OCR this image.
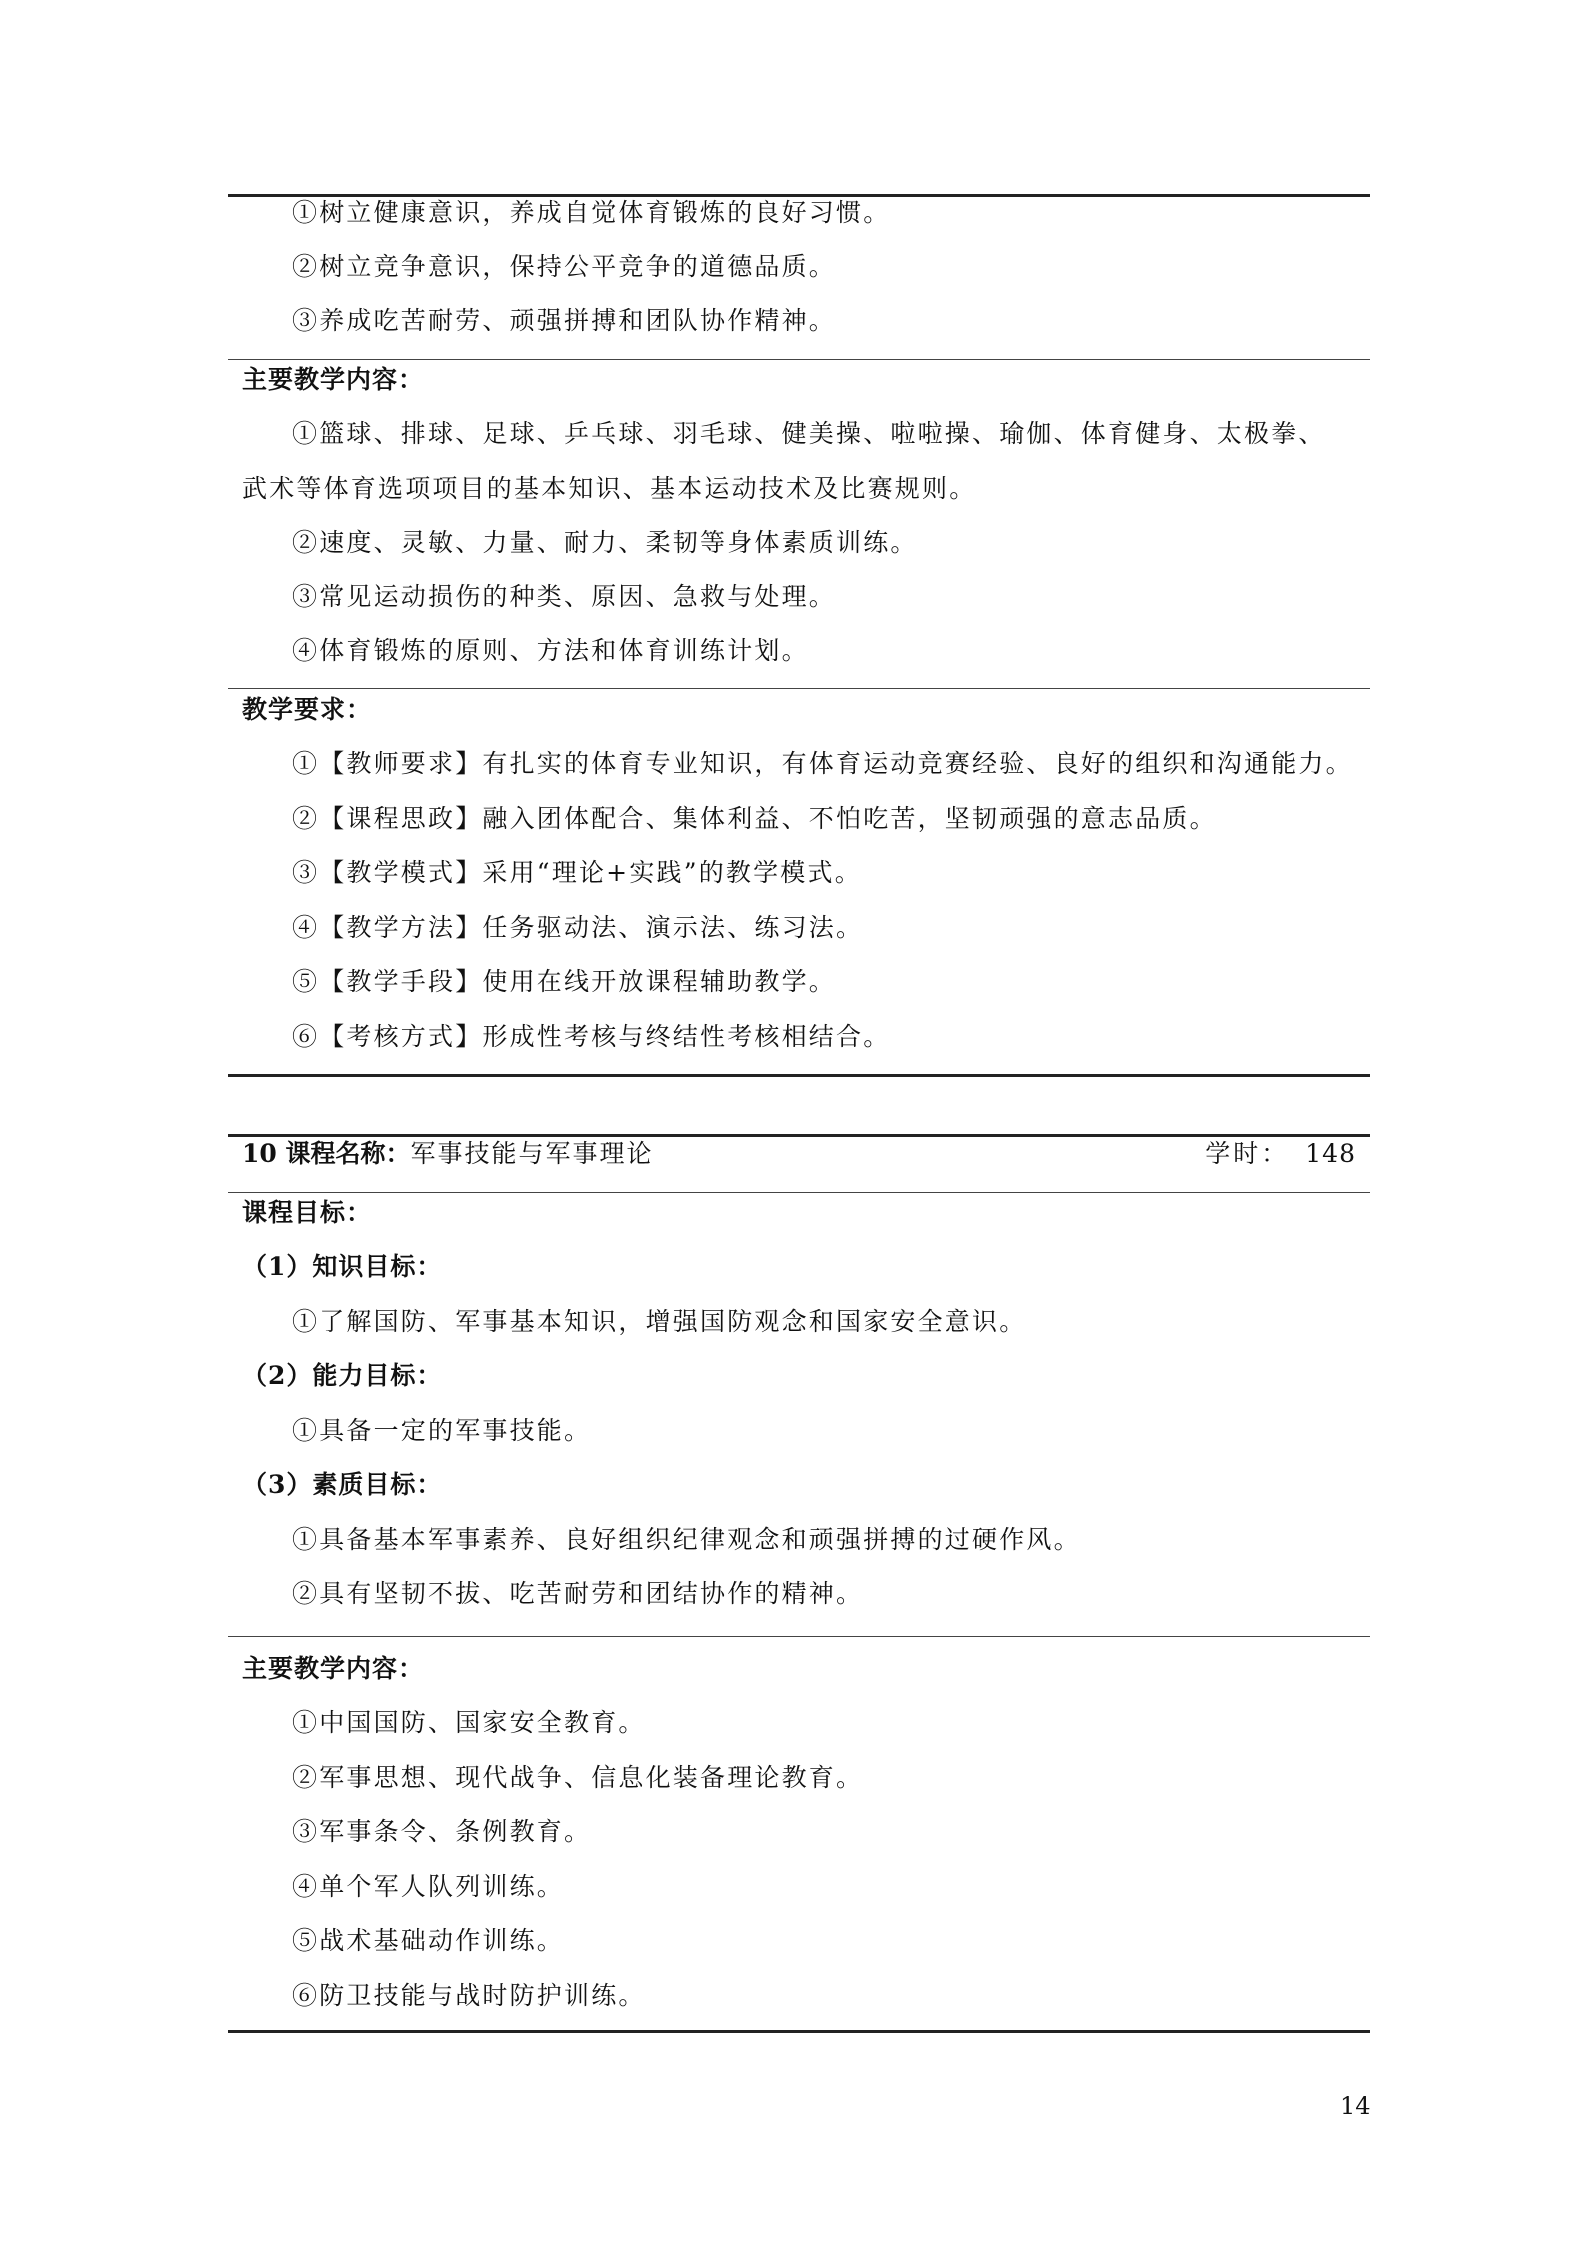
①树立健康意识，养成自觉体育锻炼的良好习惯。
②树立竞争意识，保持公平竞争的道德品质。
③养成吃苦耐劳、顽强拼搏和团队协作精神。
主要教学内容：
①篮球、排球、足球、乒乓球、羽毛球、健美操、啦啦操、瑜伽、体育健身、太极拳、
武术等体育选项项目的基本知识、基本运动技术及比赛规则。
②速度、灵敏、力量、耐力、柔韧等身体素质训练。
③常见运动损伤的种类、原因、急救与处理。
④体育锻炼的原则、方法和体育训练计划。
教学要求：
①【教师要求】有扎实的体育专业知识，有体育运动竞赛经验、良好的组织和沟通能力。
②【课程思政】融入团体配合、集体利益、不怕吃苦，坚韧顽强的意志品质。
③【教学模式】采用“理论+实践”的教学模式。
④【教学方法】任务驱动法、演示法、练习法。
⑤【教学手段】使用在线开放课程辅助教学。
⑥【考核方式】形成性考核与终结性考核相结合。
10 课程名称：军事技能与军事理论	学时： 148
课程目标：
（1）知识目标：
①了解国防、军事基本知识，增强国防观念和国家安全意识。
（2）能力目标：
①具备一定的军事技能。
（3）素质目标：
①具备基本军事素养、良好组织纪律观念和顽强拼搏的过硬作风。
②具有坚韧不拔、吃苦耐劳和团结协作的精神。
主要教学内容：
①中国国防、国家安全教育。
②军事思想、现代战争、信息化装备理论教育。
③军事条令、条例教育。
④单个军人队列训练。
⑤战术基础动作训练。
⑥防卫技能与战时防护训练。
14
